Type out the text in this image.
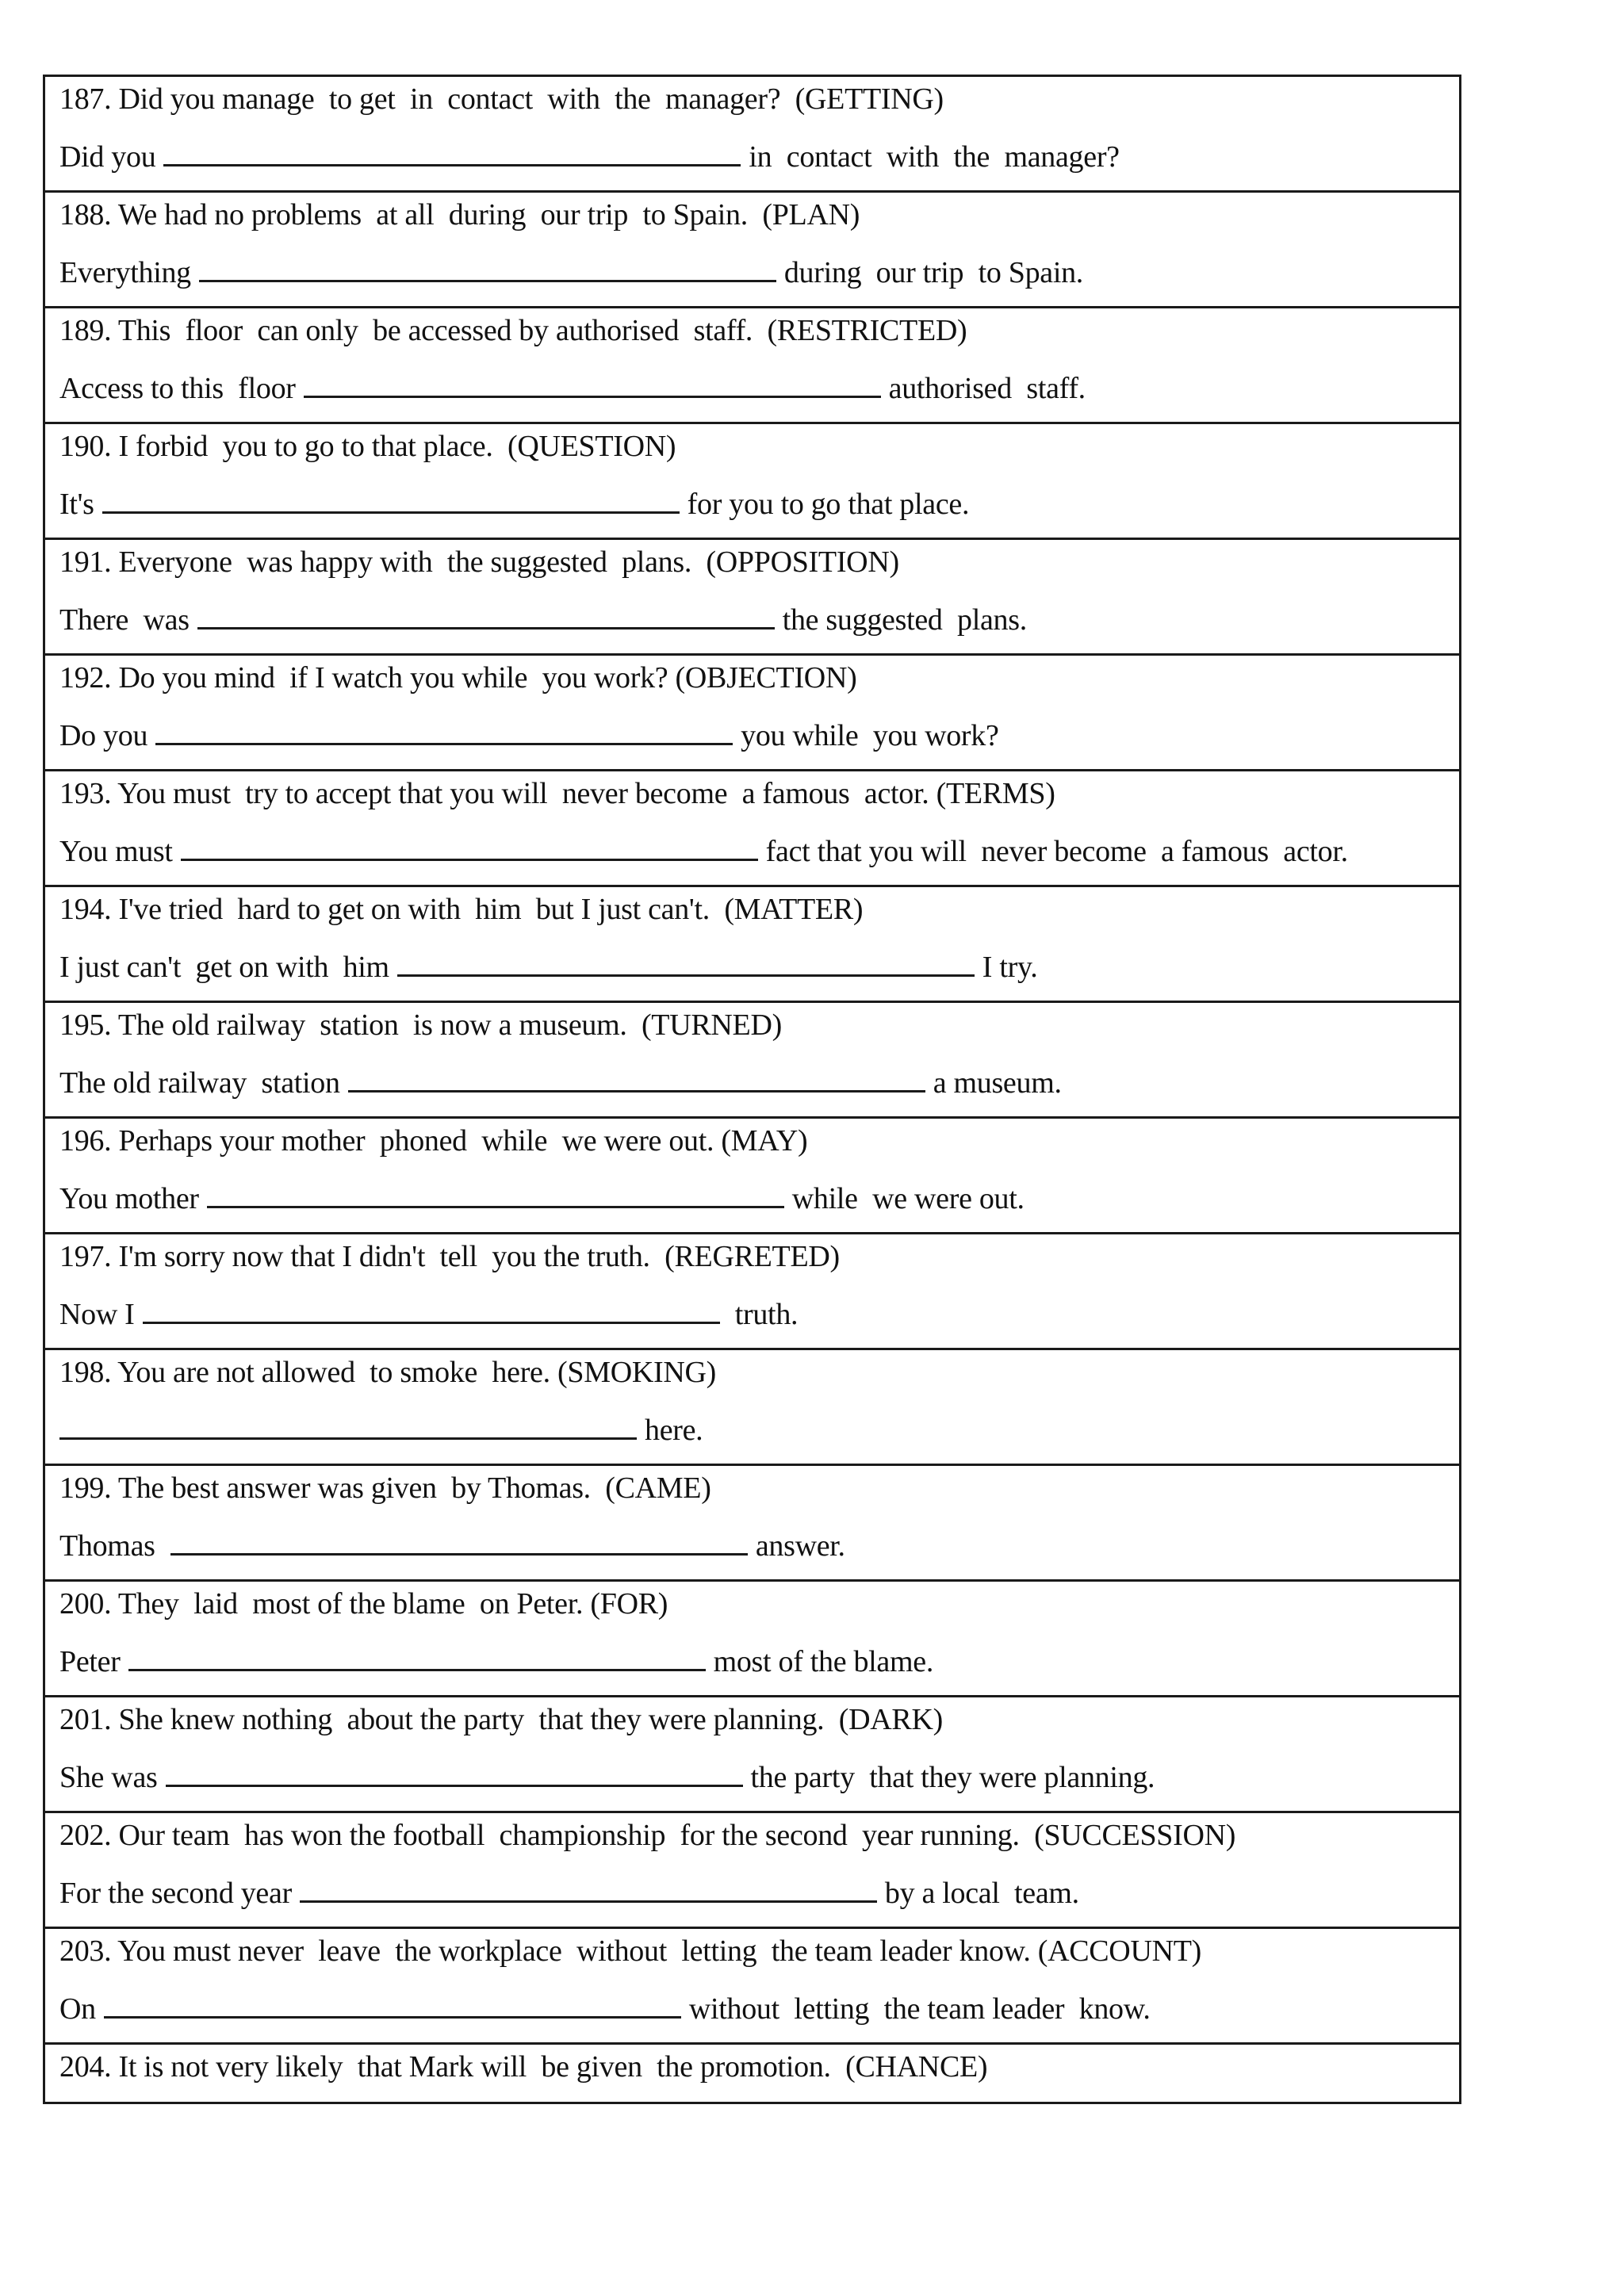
187. Did you manage  to get  in  contact  with  the  manager?  (GETTING)
Did you	in  contact  with  the  manager?
188. We had no problems  at all  during  our trip  to Spain.  (PLAN)
Everything	during  our trip  to Spain.
189. This  floor  can only  be accessed by authorised  staff.  (RESTRICTED)
Access to this  floor	authorised  staff.
190. I forbid  you to go to that place.  (QUESTION)
It's	for you to go that place.
191. Everyone  was happy with  the suggested  plans.  (OPPOSITION)
There  was	the suggested  plans.
192. Do you mind  if I watch you while  you work? (OBJECTION)
Do you	you while  you work?
193. You must  try to accept that you will  never become  a famous  actor. (TERMS)
You must	fact that you will  never become  a famous  actor.
194. I've tried  hard to get on with  him  but I just can't.  (MATTER)
I just can't  get on with  him	I try.
195. The old railway  station  is now a museum.  (TURNED)
The old railway  station	a museum.
196. Perhaps your mother  phoned  while  we were out. (MAY)
You mother	while  we were out.
197. I'm sorry now that I didn't  tell  you the truth.  (REGRETED)
Now I	truth.
198. You are not allowed  to smoke  here. (SMOKING)
here.
199. The best answer was given  by Thomas.  (CAME)
Thomas	answer.
200. They  laid  most of the blame  on Peter. (FOR)
Peter	most of the blame.
201. She knew nothing  about the party  that they were planning.  (DARK)
She was	the party  that they were planning.
202. Our team  has won the football  championship  for the second  year running.  (SUCCESSION)
For the second year	by a local  team.
203. You must never  leave  the workplace  without  letting  the team leader know. (ACCOUNT)
On	without  letting  the team leader  know.
204. It is not very likely  that Mark will  be given  the promotion.  (CHANCE)
